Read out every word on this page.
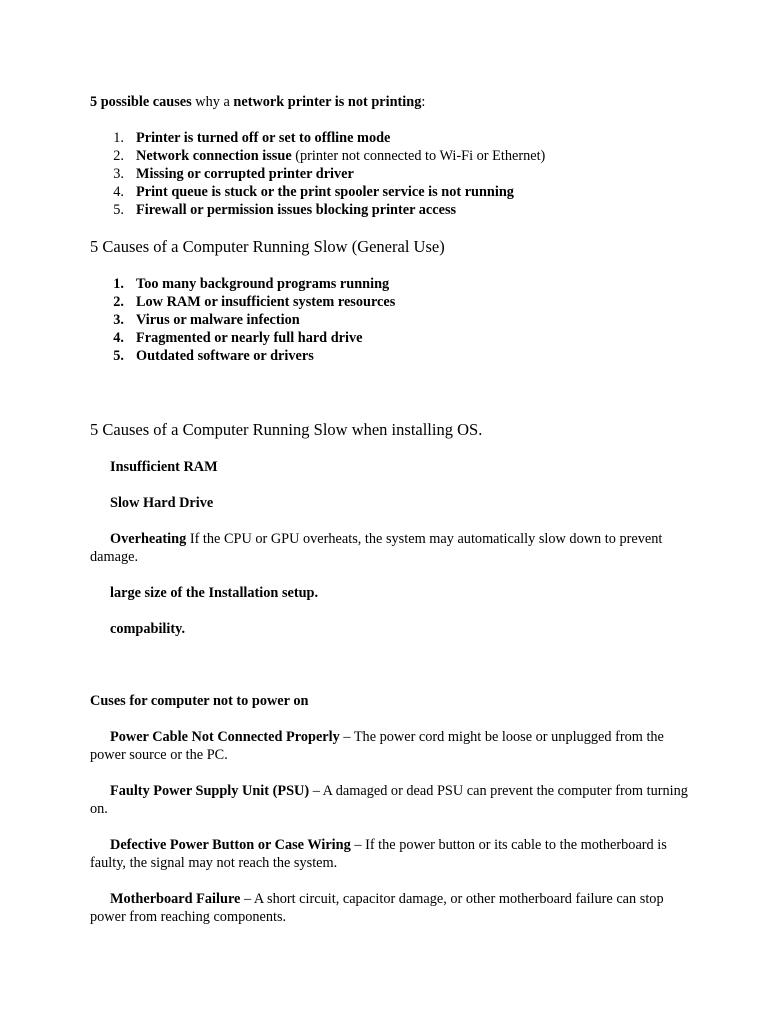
5 possible causes why a network printer is not printing:
1. Printer is turned off or set to offline mode
2. Network connection issue (printer not connected to Wi-Fi or Ethernet)
3. Missing or corrupted printer driver
4. Print queue is stuck or the print spooler service is not running
5. Firewall or permission issues blocking printer access
5 Causes of a Computer Running Slow (General Use)
1. Too many background programs running
2. Low RAM or insufficient system resources
3. Virus or malware infection
4. Fragmented or nearly full hard drive
5. Outdated software or drivers
5 Causes of a Computer Running Slow when installing OS.
Insufficient RAM
Slow Hard Drive
Overheating If the CPU or GPU overheats, the system may automatically slow down to prevent damage.
large size of the Installation setup.
compability.
Cuses for computer not to power on
Power Cable Not Connected Properly – The power cord might be loose or unplugged from the power source or the PC.
Faulty Power Supply Unit (PSU) – A damaged or dead PSU can prevent the computer from turning on.
Defective Power Button or Case Wiring – If the power button or its cable to the motherboard is faulty, the signal may not reach the system.
Motherboard Failure – A short circuit, capacitor damage, or other motherboard failure can stop power from reaching components.
